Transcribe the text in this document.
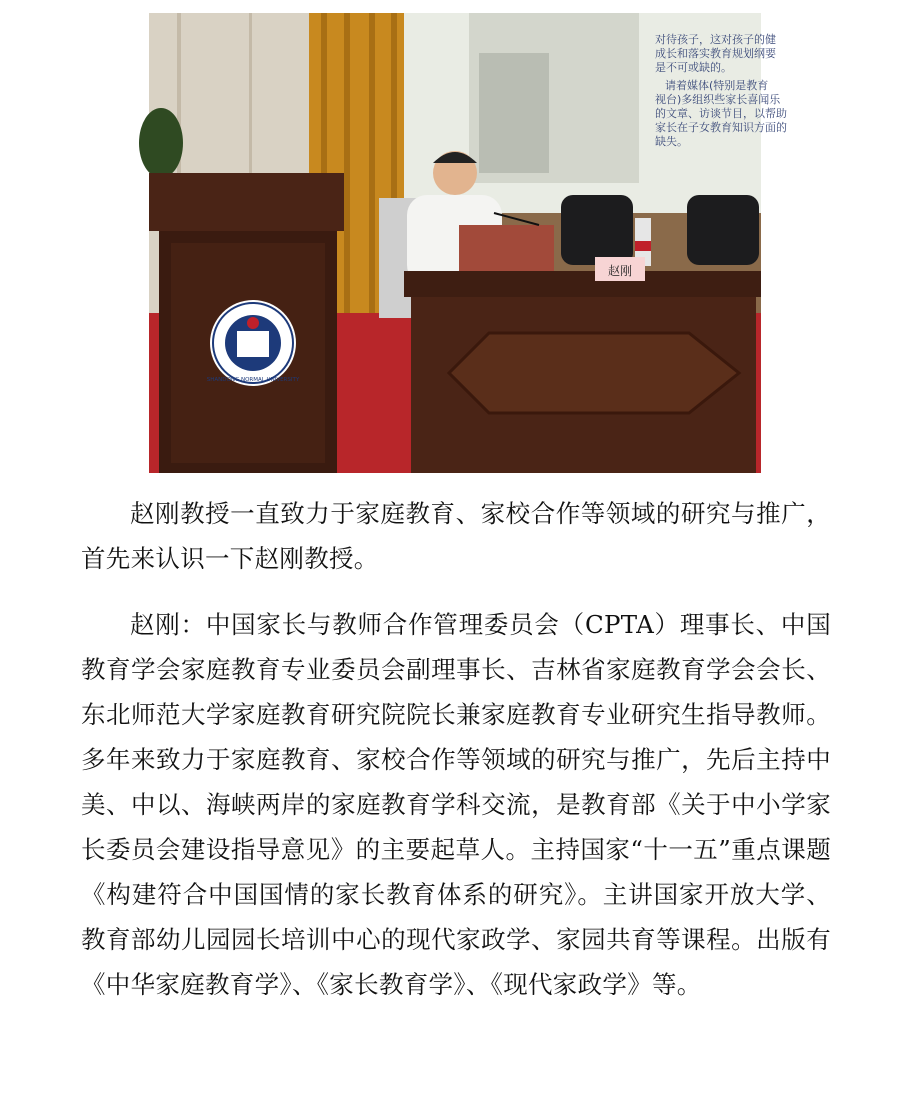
对待孩子，这对孩子的健
成长和落实教育规划纲要
是不可或缺的。
请着媒体(特别是教育
视台)多组织些家长喜闻乐
的文章、访谈节目，以帮助
家长在子女教育知识方面的
缺失。
SHANDONG NORMAL UNIVERSITY
赵刚

赵刚教授一直致力于家庭教育、家校合作等领域的研究与推广，首先来认识一下赵刚教授。

赵刚：中国家长与教师合作管理委员会（CPTA）理事长、中国教育学会家庭教育专业委员会副理事长、吉林省家庭教育学会会长、东北师范大学家庭教育研究院院长兼家庭教育专业研究生指导教师。多年来致力于家庭教育、家校合作等领域的研究与推广，先后主持中美、中以、海峡两岸的家庭教育学科交流，是教育部《关于中小学家长委员会建设指导意见》的主要起草人。主持国家“十一五”重点课题《构建符合中国国情的家长教育体系的研究》。主讲国家开放大学、教育部幼儿园园长培训中心的现代家政学、家园共育等课程。出版有《中华家庭教育学》、《家长教育学》、《现代家政学》等。
